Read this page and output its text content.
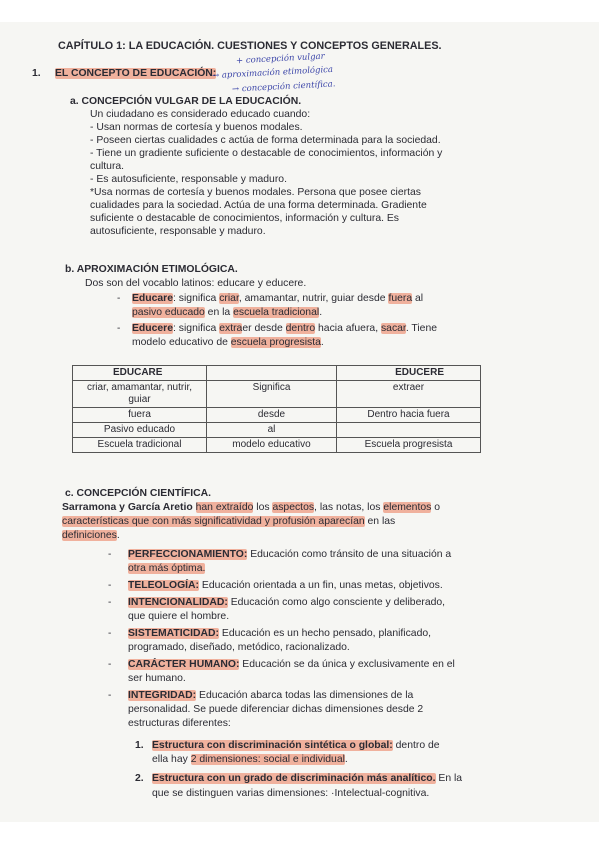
CAPÍTULO 1: LA EDUCACIÓN. CUESTIONES Y CONCEPTOS GENERALES.
+ concepción vulgar
1. EL CONCEPTO DE EDUCACIÓN:
→ aproximación etimológica
→ concepción científica.
a. CONCEPCIÓN VULGAR DE LA EDUCACIÓN.
Un ciudadano es considerado educado cuando:
- Usan normas de cortesía y buenos modales.
- Poseen ciertas cualidades c actúa de forma determinada para la sociedad.
- Tiene un gradiente suficiente o destacable de conocimientos, información y
cultura.
- Es autosuficiente, responsable y maduro.
*Usa normas de cortesía y buenos modales. Persona que posee ciertas
cualidades para la sociedad. Actúa de una forma determinada. Gradiente
suficiente o destacable de conocimientos, información y cultura. Es
autosuficiente, responsable y maduro.
b. APROXIMACIÓN ETIMOLÓGICA.
Dos son del vocablo latinos: educare y educere.
- Educare: significa criar, amamantar, nutrir, guiar desde fuera al
pasivo educado en la escuela tradicional.
- Educere: significa extraer desde dentro hacia afuera, sacar. Tiene
modelo educativo de escuela progresista.
EDUCARE		EDUCERE
criar, amamantar, nutrir, guiar	Significa	extraer
fuera	desde	Dentro hacia fuera
Pasivo educado	al	
Escuela tradicional	modelo educativo	Escuela progresista
c. CONCEPCIÓN CIENTÍFICA.
Sarramona y García Aretio han extraído los aspectos, las notas, los elementos o
características que con más significatividad y profusión aparecían en las
definiciones.
- PERFECCIONAMIENTO: Educación como tránsito de una situación a
otra más óptima.
- TELEOLOGÍA: Educación orientada a un fin, unas metas, objetivos.
- INTENCIONALIDAD: Educación como algo consciente y deliberado,
que quiere el hombre.
- SISTEMATICIDAD: Educación es un hecho pensado, planificado,
programado, diseñado, metódico, racionalizado.
- CARÁCTER HUMANO: Educación se da única y exclusivamente en el
ser humano.
- INTEGRIDAD: Educación abarca todas las dimensiones de la
personalidad. Se puede diferenciar dichas dimensiones desde 2
estructuras diferentes:
1. Estructura con discriminación sintética o global: dentro de
ella hay 2 dimensiones: social e individual.
2. Estructura con un grado de discriminación más analítico. En la
que se distinguen varias dimensiones: ·Intelectual-cognitiva.
